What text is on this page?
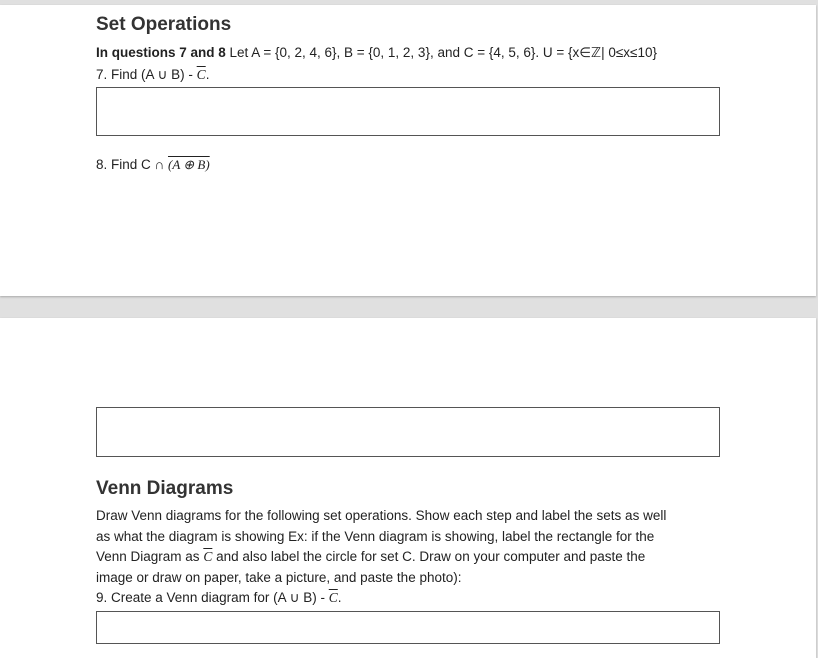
Set Operations
In questions 7 and 8 Let A = {0, 2, 4, 6}, B = {0, 1, 2, 3}, and C = {4, 5, 6}. U = {x∈ℤ| 0≤x≤10}
7. Find (A ∪ $B) - \overline{C}$.
8. Find C ∩ (A ⊕ B)
Venn Diagrams
Draw Venn diagrams for the following set operations. Show each step and label the sets as well
as what the diagram is showing Ex: if the Venn diagram is showing, label the rectangle for the
Venn Diagram as $\overline{C}$ and also label the circle for set C. Draw on your computer and paste the
image or draw on paper, take a picture, and paste the photo):
9. Create a Venn diagram for (A ∪ $B) - \overline{C}$.
